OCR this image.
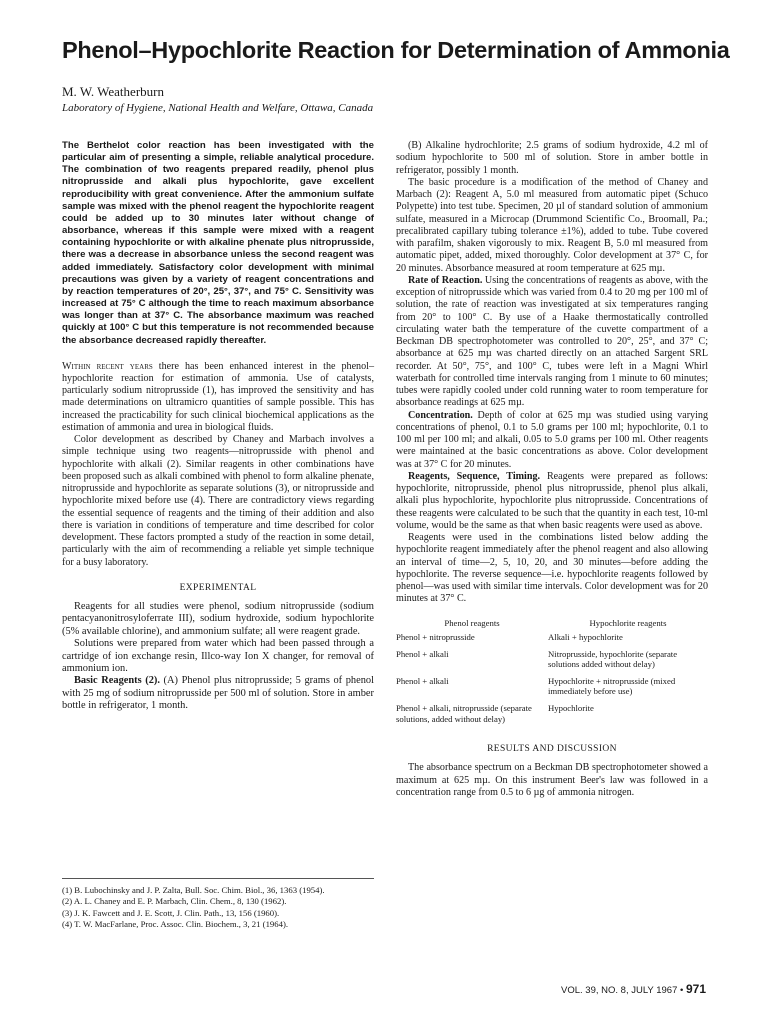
Phenol–Hypochlorite Reaction for Determination of Ammonia
M. W. Weatherburn
Laboratory of Hygiene, National Health and Welfare, Ottawa, Canada

The Berthelot color reaction has been investigated with the particular aim of presenting a simple, reliable analytical procedure. The combination of two reagents prepared readily, phenol plus nitroprusside and alkali plus hypochlorite, gave excellent reproducibility with great convenience. After the ammonium sulfate sample was mixed with the phenol reagent the hypochlorite reagent could be added up to 30 minutes later without change of absorbance, whereas if this sample were mixed with a reagent containing hypochlorite or with alkaline phenate plus nitroprusside, there was a decrease in absorbance unless the second reagent was added immediately. Satisfactory color development with minimal precautions was given by a variety of reagent concentrations and by reaction temperatures of 20°, 25°, 37°, and 75° C. Sensitivity was increased at 75° C although the time to reach maximum absorbance was longer than at 37° C. The absorbance maximum was reached quickly at 100° C but this temperature is not recommended because the absorbance decreased rapidly thereafter.

Within recent years there has been enhanced interest in the phenol–hypochlorite reaction for estimation of ammonia. Use of catalysts, particularly sodium nitroprusside (1), has improved the sensitivity and has made determinations on ultramicro quantities of sample possible. This has increased the practicability for such clinical biochemical applications as the estimation of ammonia and urea in biological fluids.

Color development as described by Chaney and Marbach involves a simple technique using two reagents—nitroprusside with phenol and hypochlorite with alkali (2). Similar reagents in other combinations have been proposed such as alkali combined with phenol to form alkaline phenate, nitroprusside and hypochlorite as separate solutions (3), or nitroprusside and hypochlorite mixed before use (4). There are contradictory views regarding the essential sequence of reagents and the timing of their addition and also there is variation in conditions of temperature and time described for color development. These factors prompted a study of the reaction in some detail, particularly with the aim of recommending a reliable yet simple technique for a busy laboratory.

EXPERIMENTAL

Reagents for all studies were phenol, sodium nitroprusside (sodium pentacyanonitrosyloferrate III), sodium hydroxide, sodium hypochlorite (5% available chlorine), and ammonium sulfate; all were reagent grade.

Solutions were prepared from water which had been passed through a cartridge of ion exchange resin, Illco-way Ion X changer, for removal of ammonium ion.

Basic Reagents (2). (A) Phenol plus nitroprusside; 5 grams of phenol with 25 mg of sodium nitroprusside per 500 ml of solution. Store in amber bottle in refrigerator, 1 month.

(1) B. Lubochinsky and J. P. Zalta, Bull. Soc. Chim. Biol., 36, 1363 (1954).

(2) A. L. Chaney and E. P. Marbach, Clin. Chem., 8, 130 (1962).

(3) J. K. Fawcett and J. E. Scott, J. Clin. Path., 13, 156 (1960).

(4) T. W. MacFarlane, Proc. Assoc. Clin. Biochem., 3, 21 (1964).

(B) Alkaline hydrochlorite; 2.5 grams of sodium hydroxide, 4.2 ml of sodium hypochlorite to 500 ml of solution. Store in amber bottle in refrigerator, possibly 1 month.

The basic procedure is a modification of the method of Chaney and Marbach (2): Reagent A, 5.0 ml measured from automatic pipet (Schuco Polypette) into test tube. Specimen, 20 µl of standard solution of ammonium sulfate, measured in a Microcap (Drummond Scientific Co., Broomall, Pa.; precalibrated capillary tubing tolerance ±1%), added to tube. Tube covered with parafilm, shaken vigorously to mix. Reagent B, 5.0 ml measured from automatic pipet, added, mixed thoroughly. Color development at 37° C, for 20 minutes. Absorbance measured at room temperature at 625 mµ.

Rate of Reaction. Using the concentrations of reagents as above, with the exception of nitroprusside which was varied from 0.4 to 20 mg per 100 ml of solution, the rate of reaction was investigated at six temperatures ranging from 20° to 100° C. By use of a Haake thermostatically controlled circulating water bath the temperature of the cuvette compartment of a Beckman DB spectrophotometer was controlled to 20°, 25°, and 37° C; absorbance at 625 mµ was charted directly on an attached Sargent SRL recorder. At 50°, 75°, and 100° C, tubes were left in a Magni Whirl waterbath for controlled time intervals ranging from 1 minute to 60 minutes; tubes were rapidly cooled under cold running water to room temperature for absorbance readings at 625 mµ.

Concentration. Depth of color at 625 mµ was studied using varying concentrations of phenol, 0.1 to 5.0 grams per 100 ml; hypochlorite, 0.1 to 100 ml per 100 ml; and alkali, 0.05 to 5.0 grams per 100 ml. Other reagents were maintained at the basic concentrations as above. Color development was at 37° C for 20 minutes.

Reagents, Sequence, Timing. Reagents were prepared as follows: hypochlorite, nitroprusside, phenol plus nitroprusside, phenol plus alkali, alkali plus hypochlorite, hypochlorite plus nitroprusside. Concentrations of these reagents were calculated to be such that the quantity in each test, 10-ml volume, would be the same as that when basic reagents were used as above.

Reagents were used in the combinations listed below adding the hypochlorite reagent immediately after the phenol reagent and also allowing an interval of time—2, 5, 10, 20, and 30 minutes—before adding the hypochlorite. The reverse sequence—i.e. hypochlorite reagents followed by phenol—was used with similar time intervals. Color development was for 20 minutes at 37° C.

Phenol reagents	Hypochlorite reagents
Phenol + nitroprusside	Alkali + hypochlorite
Phenol + alkali	Nitroprusside, hypochlorite (separate solutions added without delay)
Phenol + alkali	Hypochlorite + nitroprusside (mixed immediately before use)
Phenol + alkali, nitroprusside (separate solutions, added without delay)	Hypochlorite
RESULTS AND DISCUSSION

The absorbance spectrum on a Beckman DB spectrophotometer showed a maximum at 625 mµ. On this instrument Beer's law was followed in a concentration range from 0.5 to 6 µg of ammonia nitrogen.

VOL. 39, NO. 8, JULY 1967 • 971
